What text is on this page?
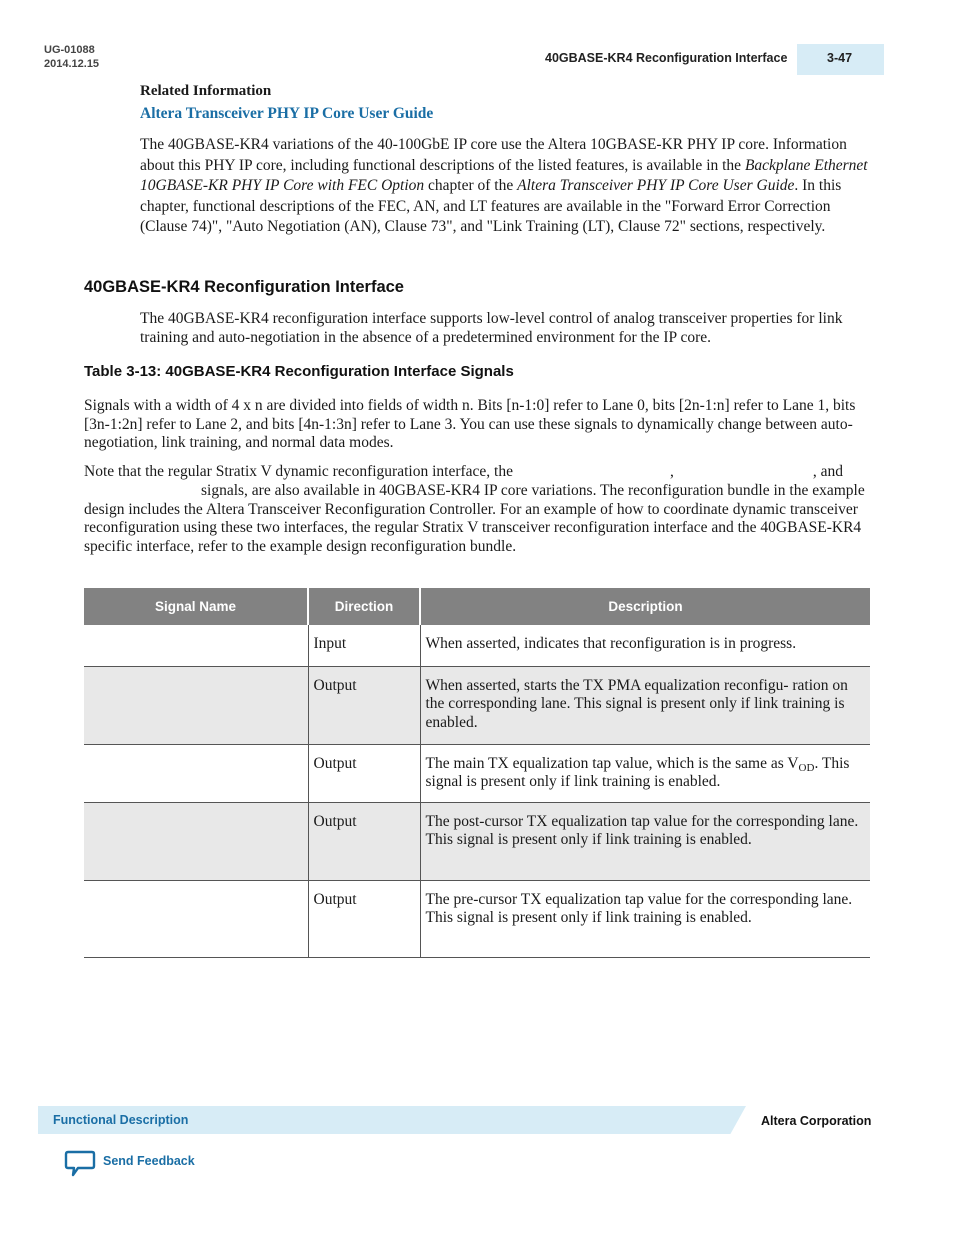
UG-01088
2014.12.15	40GBASE-KR4 Reconfiguration Interface	3-47
Related Information
Altera Transceiver PHY IP Core User Guide
The 40GBASE-KR4 variations of the 40-100GbE IP core use the Altera 10GBASE-KR PHY IP core. Information about this PHY IP core, including functional descriptions of the listed features, is available in the Backplane Ethernet 10GBASE-KR PHY IP Core with FEC Option chapter of the Altera Transceiver PHY IP Core User Guide. In this chapter, functional descriptions of the FEC, AN, and LT features are available in the "Forward Error Correction (Clause 74)", "Auto Negotiation (AN), Clause 73", and "Link Training (LT), Clause 72" sections, respectively.
40GBASE-KR4 Reconfiguration Interface
The 40GBASE-KR4 reconfiguration interface supports low-level control of analog transceiver properties for link training and auto-negotiation in the absence of a predetermined environment for the IP core.
Table 3-13: 40GBASE-KR4 Reconfiguration Interface Signals
Signals with a width of 4 x n are divided into fields of width n. Bits [n-1:0] refer to Lane 0, bits [2n-1:n] refer to Lane 1, bits [3n-1:2n] refer to Lane 2, and bits [4n-1:3n] refer to Lane 3. You can use these signals to dynamically change between auto-negotiation, link training, and normal data modes.
Note that the regular Stratix V dynamic reconfiguration interface, the	,	, andsignals, are also available in 40GBASE-KR4 IP core variations. The reconfiguration bundle in the example design includes the Altera Transceiver Reconfiguration Controller. For an example of how to coordinate dynamic transceiver reconfiguration using these two interfaces, the regular Stratix V transceiver reconfiguration interface and the 40GBASE-KR4 specific interface, refer to the example design reconfiguration bundle.
Signal Name	Direction	Description
	Input	When asserted, indicates that reconfiguration is in progress.
	Output	When asserted, starts the TX PMA equalization reconfigu- ration on the corresponding lane. This signal is present only if link training is enabled.
	Output	The main TX equalization tap value, which is the same as $V_{OD}$. This signal is present only if link training is enabled.
	Output	The post-cursor TX equalization tap value for the corresponding lane. This signal is present only if link training is enabled.
	Output	The pre-cursor TX equalization tap value for the corresponding lane. This signal is present only if link training is enabled.
Functional Description	Altera Corporation
Send Feedback
